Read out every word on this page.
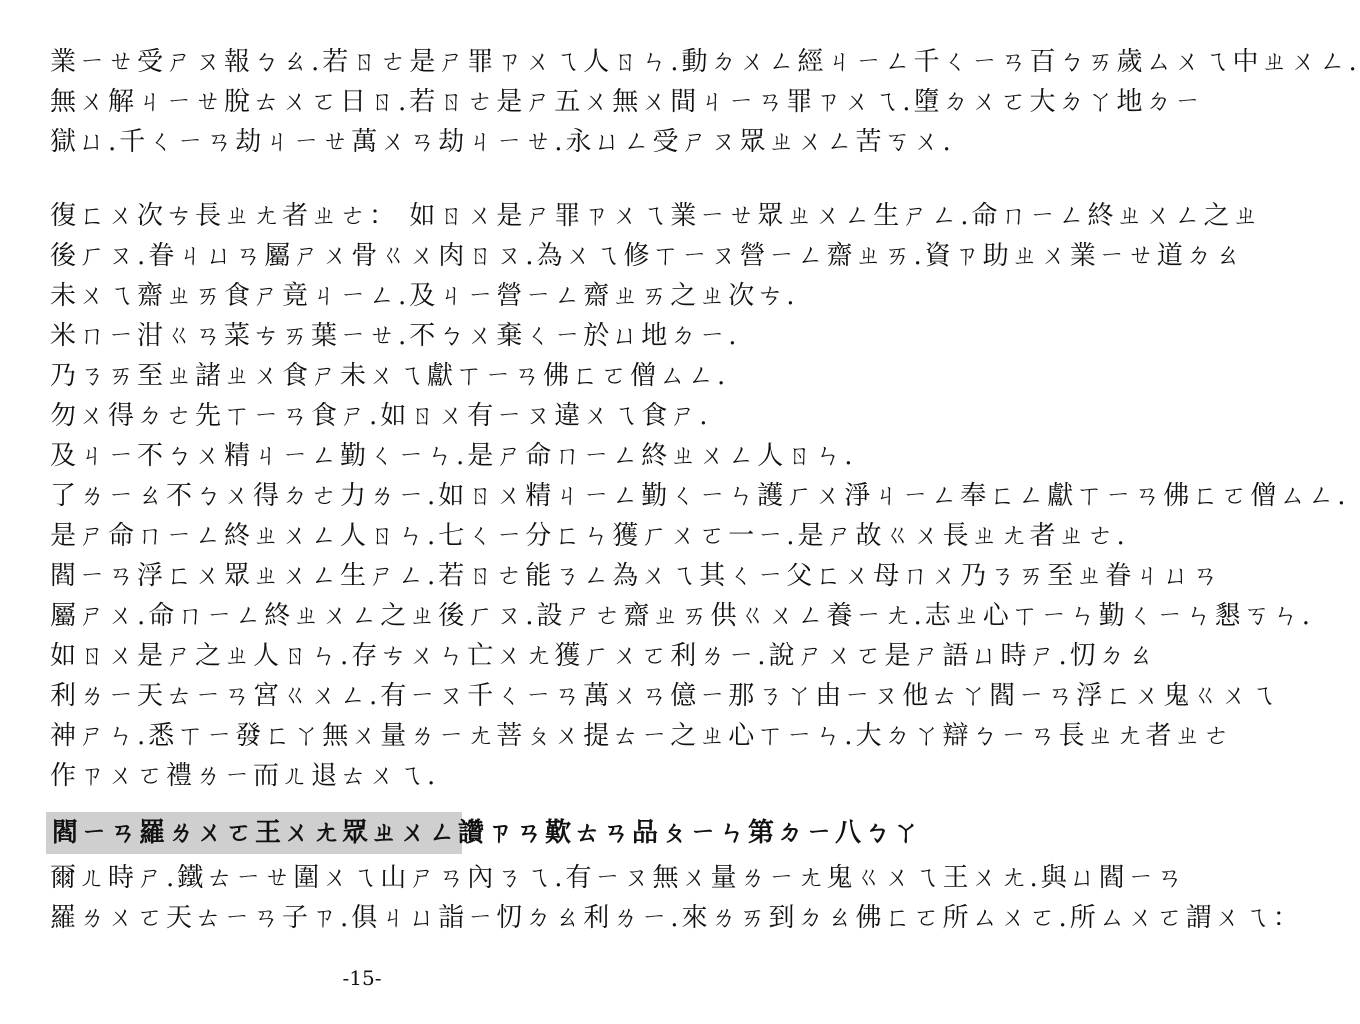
業ㄧㄝ受ㄕㄡ報ㄅㄠ.若ㄖㄜ是ㄕ罪ㄗㄨㄟ人ㄖㄣ.動ㄉㄨㄥ經ㄐㄧㄥ千ㄑㄧㄢ百ㄅㄞ歲ㄙㄨㄟ中ㄓㄨㄥ.
無ㄨ解ㄐㄧㄝ脫ㄊㄨㄛ日ㄖ.若ㄖㄜ是ㄕ五ㄨ無ㄨ間ㄐㄧㄢ罪ㄗㄨㄟ.墮ㄉㄨㄛ大ㄉㄚ地ㄉㄧ
獄ㄩ.千ㄑㄧㄢ劫ㄐㄧㄝ萬ㄨㄢ劫ㄐㄧㄝ.永ㄩㄥ受ㄕㄡ眾ㄓㄨㄥ苦ㄎㄨ.
復ㄈㄨ次ㄘ長ㄓㄤ者ㄓㄜ： 如ㄖㄨ是ㄕ罪ㄗㄨㄟ業ㄧㄝ眾ㄓㄨㄥ生ㄕㄥ.命ㄇㄧㄥ終ㄓㄨㄥ之ㄓ
後ㄏㄡ.眷ㄐㄩㄢ屬ㄕㄨ骨ㄍㄨ肉ㄖㄡ.為ㄨㄟ修ㄒㄧㄡ營ㄧㄥ齋ㄓㄞ.資ㄗ助ㄓㄨ業ㄧㄝ道ㄉㄠ
未ㄨㄟ齋ㄓㄞ食ㄕ竟ㄐㄧㄥ.及ㄐㄧ營ㄧㄥ齋ㄓㄞ之ㄓ次ㄘ.
米ㄇㄧ泔ㄍㄢ菜ㄘㄞ葉ㄧㄝ.不ㄅㄨ棄ㄑㄧ於ㄩ地ㄉㄧ.
乃ㄋㄞ至ㄓ諸ㄓㄨ食ㄕ未ㄨㄟ獻ㄒㄧㄢ佛ㄈㄛ僧ㄙㄥ.
勿ㄨ得ㄉㄜ先ㄒㄧㄢ食ㄕ.如ㄖㄨ有ㄧㄡ違ㄨㄟ食ㄕ.
及ㄐㄧ不ㄅㄨ精ㄐㄧㄥ勤ㄑㄧㄣ.是ㄕ命ㄇㄧㄥ終ㄓㄨㄥ人ㄖㄣ.
了ㄌㄧㄠ不ㄅㄨ得ㄉㄜ力ㄌㄧ.如ㄖㄨ精ㄐㄧㄥ勤ㄑㄧㄣ護ㄏㄨ淨ㄐㄧㄥ奉ㄈㄥ獻ㄒㄧㄢ佛ㄈㄛ僧ㄙㄥ.
是ㄕ命ㄇㄧㄥ終ㄓㄨㄥ人ㄖㄣ.七ㄑㄧ分ㄈㄣ獲ㄏㄨㄛ一ㄧ.是ㄕ故ㄍㄨ長ㄓㄤ者ㄓㄜ.
閻ㄧㄢ浮ㄈㄨ眾ㄓㄨㄥ生ㄕㄥ.若ㄖㄜ能ㄋㄥ為ㄨㄟ其ㄑㄧ父ㄈㄨ母ㄇㄨ乃ㄋㄞ至ㄓ眷ㄐㄩㄢ
屬ㄕㄨ.命ㄇㄧㄥ終ㄓㄨㄥ之ㄓ後ㄏㄡ.設ㄕㄜ齋ㄓㄞ供ㄍㄨㄥ養ㄧㄤ.志ㄓ心ㄒㄧㄣ勤ㄑㄧㄣ懇ㄎㄣ.
如ㄖㄨ是ㄕ之ㄓ人ㄖㄣ.存ㄘㄨㄣ亡ㄨㄤ獲ㄏㄨㄛ利ㄌㄧ.說ㄕㄨㄛ是ㄕ語ㄩ時ㄕ.忉ㄉㄠ
利ㄌㄧ天ㄊㄧㄢ宮ㄍㄨㄥ.有ㄧㄡ千ㄑㄧㄢ萬ㄨㄢ億ㄧ那ㄋㄚ由ㄧㄡ他ㄊㄚ閻ㄧㄢ浮ㄈㄨ鬼ㄍㄨㄟ
神ㄕㄣ.悉ㄒㄧ發ㄈㄚ無ㄨ量ㄌㄧㄤ菩ㄆㄨ提ㄊㄧ之ㄓ心ㄒㄧㄣ.大ㄉㄚ辯ㄅㄧㄢ長ㄓㄤ者ㄓㄜ
作ㄗㄨㄛ禮ㄌㄧ而ㄦ退ㄊㄨㄟ.
閻ㄧㄢ羅ㄌㄨㄛ王ㄨㄤ眾ㄓㄨㄥ讚ㄗㄢ歎ㄊㄢ品ㄆㄧㄣ第ㄉㄧ八ㄅㄚ
爾ㄦ時ㄕ.鐵ㄊㄧㄝ圍ㄨㄟ山ㄕㄢ內ㄋㄟ.有ㄧㄡ無ㄨ量ㄌㄧㄤ鬼ㄍㄨㄟ王ㄨㄤ.與ㄩ閻ㄧㄢ
羅ㄌㄨㄛ天ㄊㄧㄢ子ㄗ.俱ㄐㄩ詣ㄧ忉ㄉㄠ利ㄌㄧ.來ㄌㄞ到ㄉㄠ佛ㄈㄛ所ㄙㄨㄛ.所ㄙㄨㄛ謂ㄨㄟ：
-15-
